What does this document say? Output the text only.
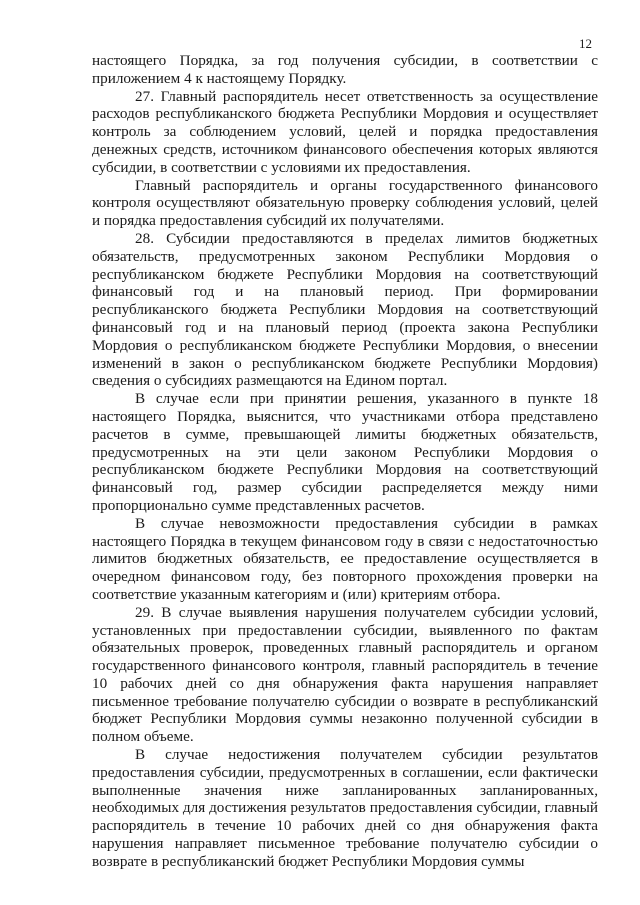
12

настоящего Порядка, за год получения субсидии, в соответствии с приложением 4 к настоящему Порядку.

27. Главный распорядитель несет ответственность за осуществление расходов республиканского бюджета Республики Мордовия и осуществляет контроль за соблюдением условий, целей и порядка предоставления денежных средств, источником финансового обеспечения которых являются субсидии, в соответствии с условиями их предоставления.

Главный распорядитель и органы государственного финансового контроля осуществляют обязательную проверку соблюдения условий, целей и порядка предоставления субсидий их получателями.

28. Субсидии предоставляются в пределах лимитов бюджетных обязательств, предусмотренных законом Республики Мордовия о республиканском бюджете Республики Мордовия на соответствующий финансовый год и на плановый период. При формировании республиканского бюджета Республики Мордовия на соответствующий финансовый год и на плановый период (проекта закона Республики Мордовия о республиканском бюджете Республики Мордовия, о внесении изменений в закон о республиканском бюджете Республики Мордовия) сведения о субсидиях размещаются на Едином портал.

В случае если при принятии решения, указанного в пункте 18 настоящего Порядка, выяснится, что участниками отбора представлено расчетов в сумме, превышающей лимиты бюджетных обязательств, предусмотренных на эти цели законом Республики Мордовия о республиканском бюджете Республики Мордовия на соответствующий финансовый год, размер субсидии распределяется между ними пропорционально сумме представленных расчетов.

В случае невозможности предоставления субсидии в рамках настоящего Порядка в текущем финансовом году в связи с недостаточностью лимитов бюджетных обязательств, ее предоставление осуществляется в очередном финансовом году, без повторного прохождения проверки на соответствие указанным категориям и (или) критериям отбора.

29. В случае выявления нарушения получателем субсидии условий, установленных при предоставлении субсидии, выявленного по фактам обязательных проверок, проведенных главный распорядитель и органом государственного финансового контроля, главный распорядитель в течение 10 рабочих дней со дня обнаружения факта нарушения направляет письменное требование получателю субсидии о возврате в республиканский бюджет Республики Мордовия суммы незаконно полученной субсидии в полном объеме.

В случае недостижения получателем субсидии результатов предоставления субсидии, предусмотренных в соглашении, если фактически выполненные значения ниже запланированных запланированных, необходимых для достижения результатов предоставления субсидии, главный распорядитель в течение 10 рабочих дней со дня обнаружения факта нарушения направляет письменное требование получателю субсидии о возврате в республиканский бюджет Республики Мордовия суммы
